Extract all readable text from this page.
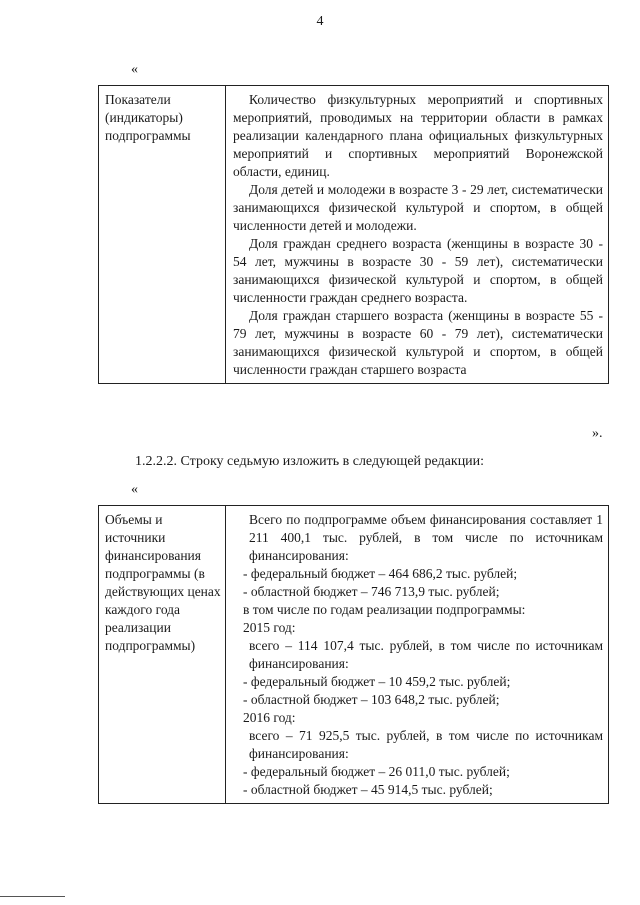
4
«
Показатели (индикаторы) подпрограммы

Количество физкультурных мероприятий и спортивных мероприятий, проводимых на территории области в рамках реализации календарного плана официальных физкультурных мероприятий и спортивных мероприятий Воронежской области, единиц.

Доля детей и молодежи в возрасте 3 - 29 лет, систематически занимающихся физической культурой и спортом, в общей численности детей и молодежи.

Доля граждан среднего возраста (женщины в возрасте 30 - 54 лет, мужчины в возрасте 30 - 59 лет), систематически занимающихся физической культурой и спортом, в общей численности граждан среднего возраста.

Доля граждан старшего возраста (женщины в возрасте 55 - 79 лет, мужчины в возрасте 60 - 79 лет), систематически занимающихся физической культурой и спортом, в общей численности граждан старшего возраста

».
1.2.2.2. Строку седьмую изложить в следующей редакции:
«
Объемы и источники финансирования подпрограммы (в действующих ценах каждого года реализации подпрограммы)

Всего по подпрограмме объем финансирования составляет 1 211 400,1 тыс. рублей, в том числе по источникам финансирования:

- федеральный бюджет – 464 686,2 тыс. рублей;

- областной бюджет – 746 713,9 тыс. рублей;

в том числе по годам реализации подпрограммы:

2015 год:

всего – 114 107,4 тыс. рублей, в том числе по источникам финансирования:

- федеральный бюджет – 10 459,2 тыс. рублей;

- областной бюджет – 103 648,2 тыс. рублей;

2016 год:

всего – 71 925,5 тыс. рублей, в том числе по источникам финансирования:

- федеральный бюджет – 26 011,0 тыс. рублей;

- областной бюджет – 45 914,5 тыс. рублей;
